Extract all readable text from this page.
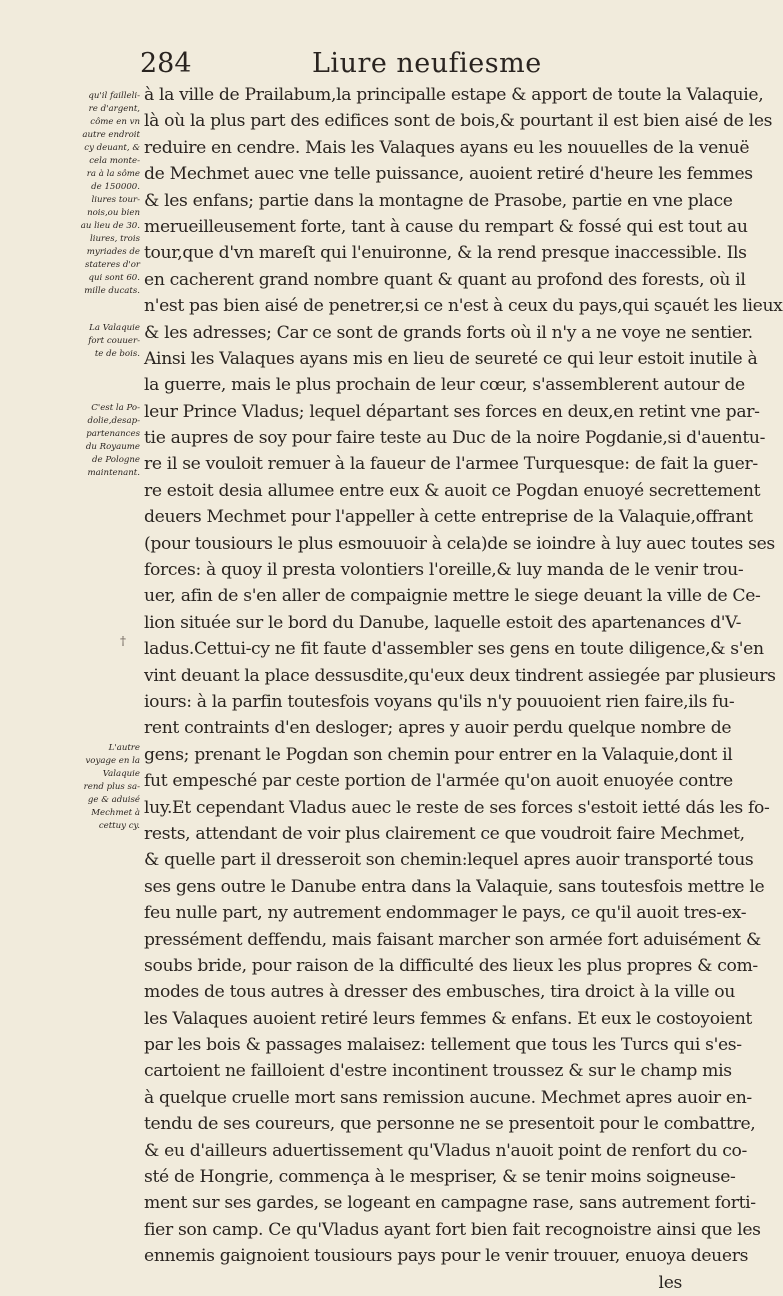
284	Liure neufiesme
qu'il failleli-
re d'argent,
côme en vn
autre endroit
cy deuant, &
cela monte-
ra à la sôme
de 150000.
liures tour-
nois,ou bien
au lieu de 30.
liures, trois
myriades de
stateres d'or
qui sont 60.
mille ducats.
La Valaquie
fort couuer-
te de bois.
C'est la Po-
dolie,desap-
partenances
du Royaume
de Pologne
maintenant.
L'autre
voyage en la
Valaquie
rend plus sa-
ge & aduisé
Mechmet à
cettuy cy.
†
à la ville de Prailabum,la principalle estape & apport de toute la Valaquie,
là où la plus part des edifices sont de bois,& pourtant il est bien aisé de les
reduire en cendre. Mais les Valaques ayans eu les nouuelles de la venuë
de Mechmet auec vne telle puissance, auoient retiré d'heure les femmes
& les enfans; partie dans la montagne de Prasobe, partie en vne place
merueilleusement forte, tant à cause du rempart & fossé qui est tout au
tour,que d'vn mareſt qui l'enuironne, & la rend presque inaccessible. Ils
en cacherent grand nombre quant & quant au profond des forests, où il
n'est pas bien aisé de penetrer,si ce n'est à ceux du pays,qui sçauét les lieux
& les adresses; Car ce sont de grands forts où il n'y a ne voye ne sentier.
Ainsi les Valaques ayans mis en lieu de seureté ce qui leur estoit inutile à
la guerre, mais le plus prochain de leur cœur, s'assemblerent autour de
leur Prince Vladus; lequel départant ses forces en deux,en retint vne par-
tie aupres de soy pour faire teste au Duc de la noire Pogdanie,si d'auentu-
re il se vouloit remuer à la faueur de l'armee Turquesque: de fait la guer-
re estoit desia allumee entre eux & auoit ce Pogdan enuoyé secrettement
deuers Mechmet pour l'appeller à cette entreprise de la Valaquie,offrant
(pour tousiours le plus esmouuoir à cela)de se ioindre à luy auec toutes ses
forces: à quoy il presta volontiers l'oreille,& luy manda de le venir trou-
uer, afin de s'en aller de compaignie mettre le siege deuant la ville de Ce-
lion située sur le bord du Danube, laquelle estoit des apartenances d'V-
ladus.Cettui-cy ne fit faute d'assembler ses gens en toute diligence,& s'en
vint deuant la place dessusdite,qu'eux deux tindrent assiegée par plusieurs
iours: à la parfin toutesfois voyans qu'ils n'y pouuoient rien faire,ils fu-
rent contraints d'en desloger; apres y auoir perdu quelque nombre de
gens; prenant le Pogdan son chemin pour entrer en la Valaquie,dont il
fut empesché par ceste portion de l'armée qu'on auoit enuoyée contre
luy.Et cependant Vladus auec le reste de ses forces s'estoit ietté dás les fo-
rests, attendant de voir plus clairement ce que voudroit faire Mechmet,
& quelle part il dresseroit son chemin:lequel apres auoir transporté tous
ses gens outre le Danube entra dans la Valaquie, sans toutesfois mettre le
feu nulle part, ny autrement endommager le pays, ce qu'il auoit tres-ex-
pressément deffendu, mais faisant marcher son armée fort aduisément &
soubs bride, pour raison de la difficulté des lieux les plus propres & com-
modes de tous autres à dresser des embusches, tira droict à la ville ou
les Valaques auoient retiré leurs femmes & enfans. Et eux le costoyoient
par les bois & passages malaisez: tellement que tous les Turcs qui s'es-
cartoient ne failloient d'estre incontinent troussez & sur le champ mis
à quelque cruelle mort sans remission aucune. Mechmet apres auoir en-
tendu de ses coureurs, que personne ne se presentoit pour le combattre,
& eu d'ailleurs aduertissement qu'Vladus n'auoit point de renfort du co-
sté de Hongrie, commença à le mespriser, & se tenir moins soigneuse-
ment sur ses gardes, se logeant en campagne rase, sans autrement forti-
fier son camp. Ce qu'Vladus ayant fort bien fait recognoistre ainsi que les
ennemis gaignoient tousiours pays pour le venir trouuer, enuoya deuers
les
